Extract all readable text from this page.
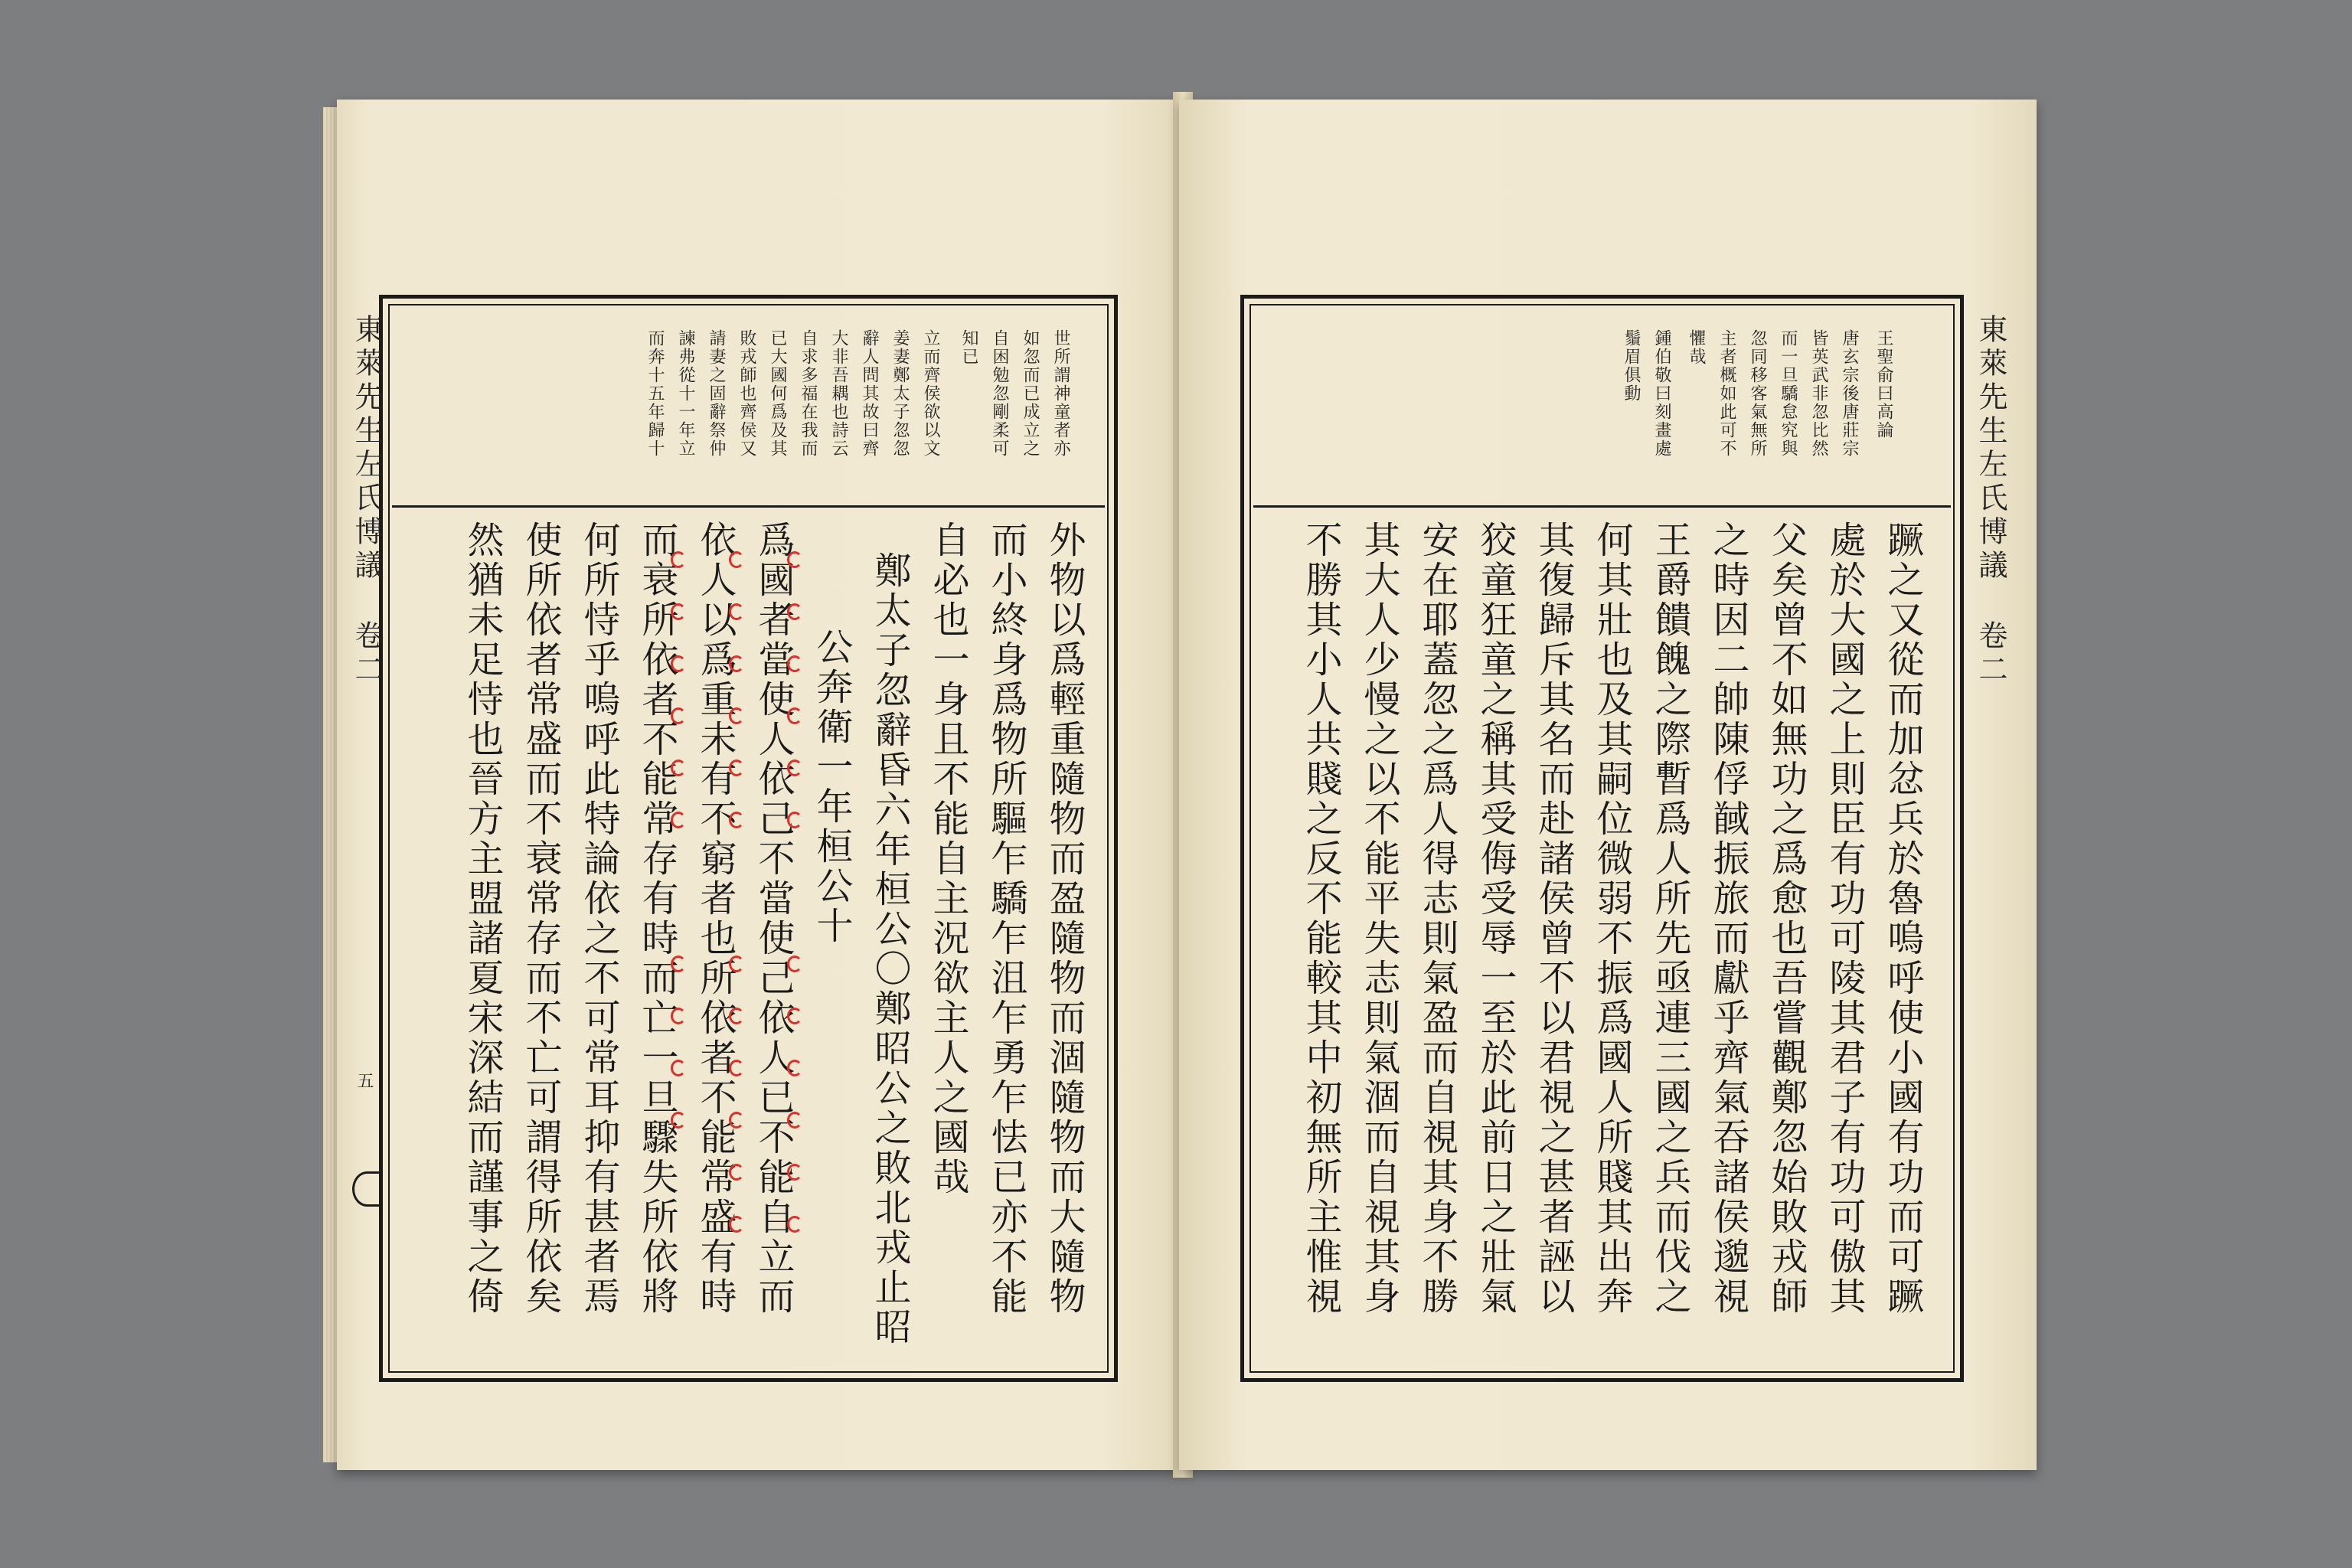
東萊先生左氏博議
卷二
五
世所謂神童者亦
如忽而已成立之
自困勉忽剛柔可
知已
立而齊侯欲以文
姜妻鄭太子忽忽
辭人問其故曰齊
大非吾耦也詩云
自求多福在我而
已大國何爲及其
敗戎師也齊侯又
請妻之固辭祭仲
諫弗從十一年立
而奔十五年歸十
外物以爲輕重隨物而盈隨物而涸隨物而大隨物
而小終身爲物所驅乍驕乍沮乍勇乍怯已亦不能
自必也一身且不能自主況欲主人之國哉
鄭太子忽辭昏六年桓公〇鄭昭公之敗北戎止昭
公奔衛一年桓公十
爲國者當使人依己不當使己依人已不能自立而
依人以爲重未有不窮者也所依者不能常盛有時
而衰所依者不能常存有時而亡一旦驟失所依將
何所恃乎嗚呼此特論依之不可常耳抑有甚者焉
使所依者常盛而不衰常存而不亡可謂得所依矣
然猶未足恃也晉方主盟諸夏宋深結而謹事之倚
東萊先生左氏博議
卷二
王聖俞曰高論
唐玄宗後唐莊宗
皆英武非忽比然
而一旦驕怠究與
忽同移客氣無所
主者概如此可不
懼哉
鍾伯敬曰刻畫處
鬚眉俱動
蹶之又從而加忿兵於魯嗚呼使小國有功而可蹶
處於大國之上則臣有功可陵其君子有功可傲其
父矣曾不如無功之爲愈也吾嘗觀鄭忽始敗戎師
之時因二帥陳俘馘振旅而獻乎齊氣吞諸侯邈視
王爵饋餽之際暫爲人所先亟連三國之兵而伐之
何其壯也及其嗣位微弱不振爲國人所賤其出奔
其復歸斥其名而赴諸侯曾不以君視之甚者誣以
狡童狂童之稱其受侮受辱一至於此前日之壯氣
安在耶蓋忽之爲人得志則氣盈而自視其身不勝
其大人少慢之以不能平失志則氣涸而自視其身
不勝其小人共賤之反不能較其中初無所主惟視
